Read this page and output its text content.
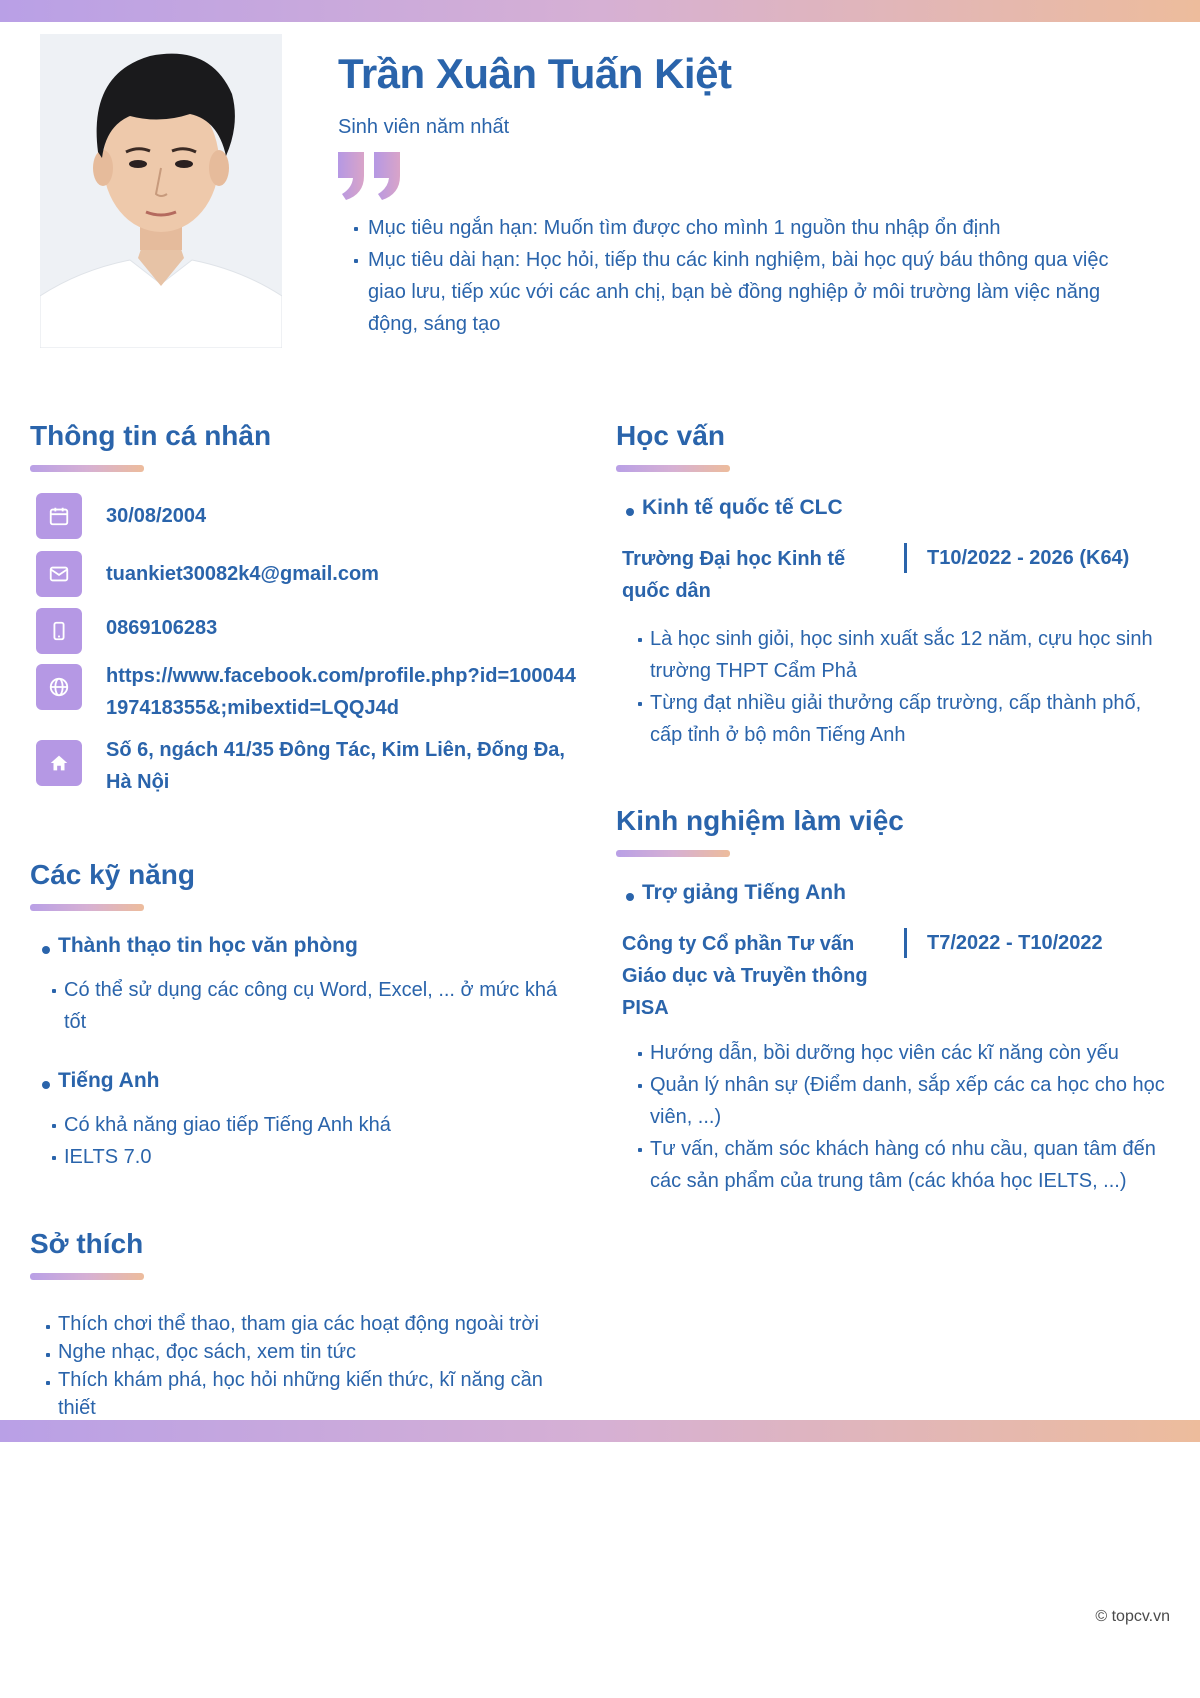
Trần Xuân Tuấn Kiệt
Sinh viên năm nhất
Mục tiêu ngắn hạn: Muốn tìm được cho mình 1 nguồn thu nhập ổn định
Mục tiêu dài hạn: Học hỏi, tiếp thu các kinh nghiệm, bài học quý báu thông qua việc giao lưu, tiếp xúc với các anh chị, bạn bè đồng nghiệp ở môi trường làm việc năng động, sáng tạo
Thông tin cá nhân
30/08/2004
tuankiet30082k4@gmail.com
0869106283
https://www.facebook.com/profile.php?id=100044197418355&;mibextid=LQQJ4d
Số 6, ngách 41/35 Đông Tác, Kim Liên, Đống Đa, Hà Nội
Các kỹ năng
Thành thạo tin học văn phòng
Có thể sử dụng các công cụ Word, Excel, ... ở mức khá tốt
Tiếng Anh
Có khả năng giao tiếp Tiếng Anh khá
IELTS 7.0
Sở thích
Thích chơi thể thao, tham gia các hoạt động ngoài trời
Nghe nhạc, đọc sách, xem tin tức
Thích khám phá, học hỏi những kiến thức, kĩ năng cần thiết
Học vấn
Kinh tế quốc tế CLC
Trường Đại học Kinh tế quốc dân
T10/2022 - 2026 (K64)
Là học sinh giỏi, học sinh xuất sắc 12 năm, cựu học sinh trường THPT Cẩm Phả
Từng đạt nhiều giải thưởng cấp trường, cấp thành phố, cấp tỉnh ở bộ môn Tiếng Anh
Kinh nghiệm làm việc
Trợ giảng Tiếng Anh
Công ty Cổ phần Tư vấn Giáo dục và Truyền thông PISA
T7/2022 - T10/2022
Hướng dẫn, bồi dưỡng học viên các kĩ năng còn yếu
Quản lý nhân sự (Điểm danh, sắp xếp các ca học cho học viên, ...)
Tư vấn, chăm sóc khách hàng có nhu cầu, quan tâm đến các sản phẩm của trung tâm (các khóa học IELTS, ...)
© topcv.vn
